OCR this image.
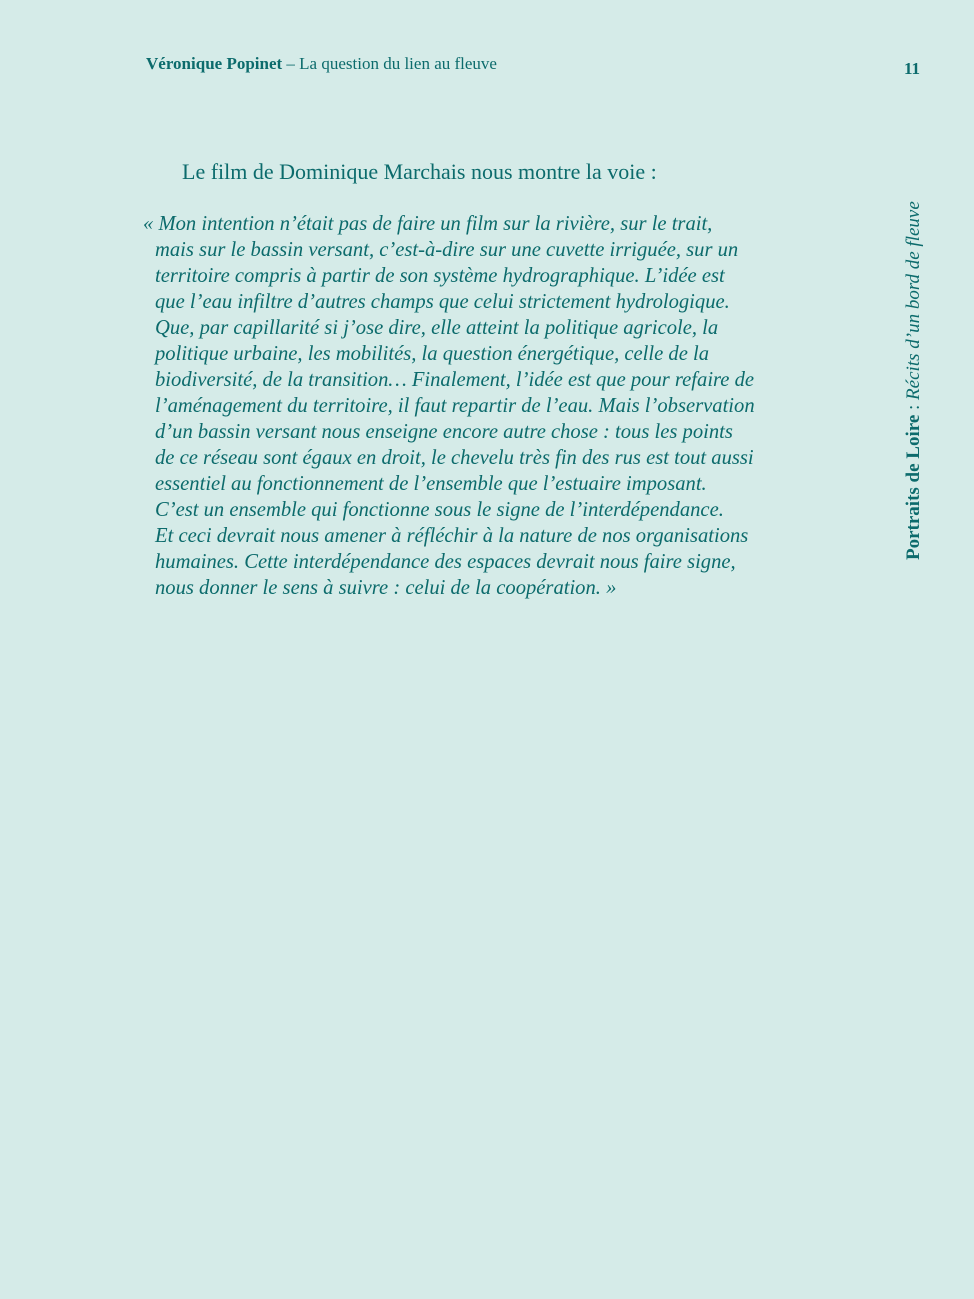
Véronique Popinet – La question du lien au fleuve	11
Le film de Dominique Marchais nous montre la voie :
« Mon intention n’était pas de faire un film sur la rivière, sur le trait,
mais sur le bassin versant, c’est-à-dire sur une cuvette irriguée, sur un
territoire compris à partir de son système hydrographique. L’idée est
que l’eau infiltre d’autres champs que celui strictement hydrologique.
Que, par capillarité si j’ose dire, elle atteint la politique agricole, la
politique urbaine, les mobilités, la question énergétique, celle de la
biodiversité, de la transition… Finalement, l’idée est que pour refaire de
l’aménagement du territoire, il faut repartir de l’eau. Mais l’observation
d’un bassin versant nous enseigne encore autre chose : tous les points
de ce réseau sont égaux en droit, le chevelu très fin des rus est tout aussi
essentiel au fonctionnement de l’ensemble que l’estuaire imposant.
C’est un ensemble qui fonctionne sous le signe de l’interdépendance.
Et ceci devrait nous amener à réfléchir à la nature de nos organisations
humaines. Cette interdépendance des espaces devrait nous faire signe,
nous donner le sens à suivre : celui de la coopération. »
Portraits de Loire : Récits d’un bord de fleuve
